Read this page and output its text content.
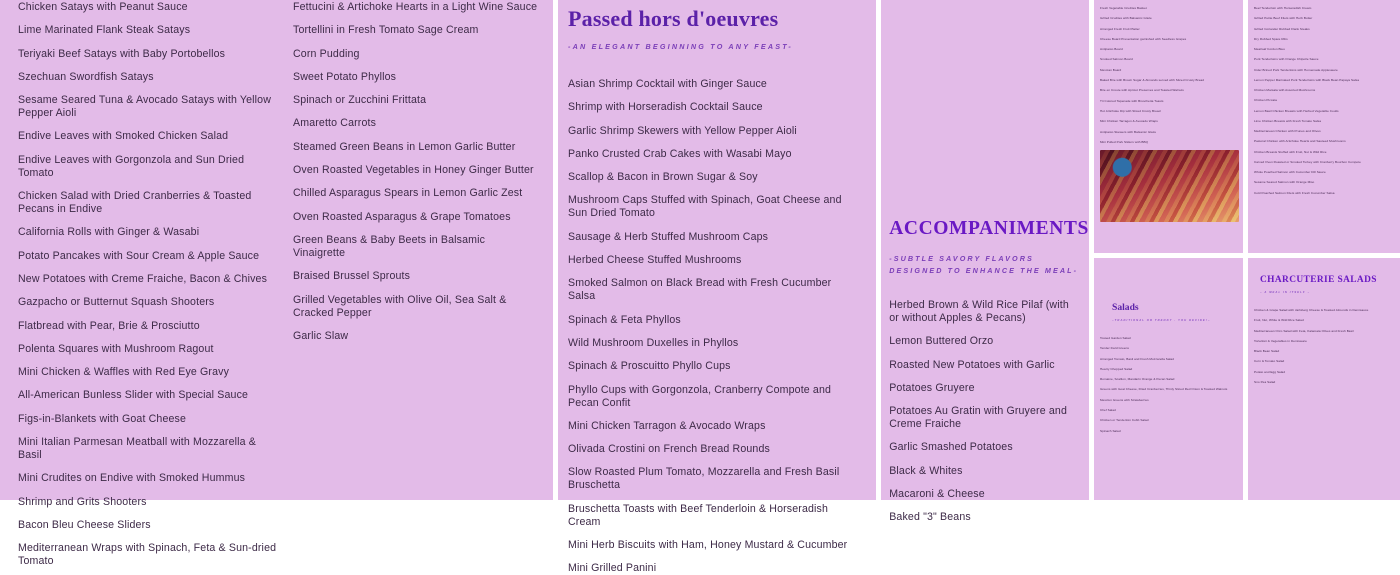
Chicken Satays with Peanut Sauce
Lime Marinated Flank Steak Satays
Teriyaki Beef Satays with Baby Portobellos
Szechuan Swordfish Satays
Sesame Seared Tuna & Avocado Satays with Yellow Pepper Aioli
Endive Leaves with Smoked Chicken Salad
Endive Leaves with Gorgonzola and Sun Dried Tomato
Chicken Salad with Dried Cranberries & Toasted Pecans in Endive
California Rolls with Ginger & Wasabi
Potato Pancakes with Sour Cream & Apple Sauce
New Potatoes with Creme Fraiche, Bacon & Chives
Gazpacho or Butternut Squash Shooters
Flatbread with Pear, Brie & Prosciutto
Polenta Squares with Mushroom Ragout
Mini Chicken & Waffles with Red Eye Gravy
All-American Bunless Slider with Special Sauce
Figs-in-Blankets with Goat Cheese
Mini Italian Parmesan Meatball with Mozzarella & Basil
Mini Crudites on Endive with Smoked Hummus
Shrimp and Grits Shooters
Bacon Bleu Cheese Sliders
Mediterranean Wraps with Spinach, Feta & Sun-dried Tomato
Fettucini & Artichoke Hearts in a Light Wine Sauce
Tortellini in Fresh Tomato Sage Cream
Corn Pudding
Sweet Potato Phyllos
Spinach or Zucchini Frittata
Amaretto Carrots
Steamed Green Beans in Lemon Garlic Butter
Oven Roasted Vegetables in Honey Ginger Butter
Chilled Asparagus Spears in Lemon Garlic Zest
Oven Roasted Asparagus & Grape Tomatoes
Green Beans & Baby Beets in Balsamic Vinaigrette
Braised Brussel Sprouts
Grilled Vegetables with Olive Oil, Sea Salt & Cracked Pepper
Garlic Slaw
Passed hors d'oeuvres
-AN ELEGANT BEGINNING TO ANY FEAST-
Asian Shrimp Cocktail with Ginger Sauce
Shrimp with Horseradish Cocktail Sauce
Garlic Shrimp Skewers with Yellow Pepper Aioli
Panko Crusted Crab Cakes with Wasabi Mayo
Scallop & Bacon in Brown Sugar & Soy
Mushroom Caps Stuffed with Spinach, Goat Cheese and Sun Dried Tomato
Sausage & Herb Stuffed Mushroom Caps
Herbed Cheese Stuffed Mushrooms
Smoked Salmon on Black Bread with Fresh Cucumber Salsa
Spinach & Feta Phyllos
Wild Mushroom Duxelles in Phyllos
Spinach & Proscuitto Phyllo Cups
Phyllo Cups with Gorgonzola, Cranberry Compote and Pecan Confit
Mini Chicken Tarragon & Avocado Wraps
Olivada Crostini on French Bread Rounds
Slow Roasted Plum Tomato, Mozzarella and Fresh Basil Bruschetta
Bruschetta Toasts with Beef Tenderloin & Horseradish Cream
Mini Herb Biscuits with Ham, Honey Mustard & Cucumber
Mini Grilled Panini
ACCOMPANIMENTS
-SUBTLE SAVORY FLAVORS DESIGNED TO ENHANCE THE MEAL-
Herbed Brown & Wild Rice Pilaf (with or without Apples & Pecans)
Lemon Buttered Orzo
Roasted New Potatoes with Garlic
Potatoes Gruyere
Potatoes Au Gratin with Gruyere and Creme Fraiche
Garlic Smashed Potatoes
Black & Whites
Macaroni & Cheese
Baked "3" Beans
Fresh Vegetable Crudites Basket
Grilled Crudites with Balsamic Glaze
Arranged Fresh Fruit Platter
Cheese Board Presentation garnished with Seedless Grapes
Antipasto Board
Smoked Salmon Board
Mexican Board
Baked Brie with Brown Sugar & Almonds served with Sliced Crusty Bread
Brie en Croute with Apricot Preserves and Toasted Walnuts
Tri Colored Tapenade with Bruschetta Toasts
Hot Artichoke Dip with Sliced Crusty Bread
Mini Chicken Tarragon & Avocado Wraps
Antipasto Skewers with Balsamic Glaze
Mini Pulled Pork Sliders with BBQ
Beef Tenderloin with Horseradish Cream
Grilled Petite Beef Filets with Herb Butter
Grilled Coriander Rubbed Flank Steaks
Dry Rubbed Spare Ribs
Meatloaf Cordon Bleu
Pork Tenderloins with Orange Chipotle Sauce
Cider Brined Pork Tenderloins with Homemade Applesauce
Lemon Pepper Marinated Pork Tenderloins with Black Bean Papaya Salsa
Chicken Marsala with Assorted Mushrooms
Chicken Piccata
Lemon Basil Chicken Breasts with Herbed Vegetable Coulis
Lime Chicken Breasts with Fresh Tomato Salsa
Mediterranean Chicken with Prunes and Olives
Pastoral Chicken with Artichoke Hearts and Sauteed Mushrooms
Chicken Breasts Stuffed with Fruit, Nut & Wild Rice
Carved Oven Roasted or Smoked Turkey with Cranberry Bourbon Compote
Whole Poached Salmon with Cucumber Dill Sauce
Sesame Seared Salmon with Orange Miso
Cold Poached Salmon Filets with Fresh Cucumber Salsa
Salads
~TRADITIONAL OR TRENDY - YOU DECIDE!~
Tossed Garden Salad
Tender Field Greens
Arranged Tomato, Basil and Fresh Mozzarella Salad
Hearty Chopped Salad
Romaine, Scallion, Mandarin Orange & Pecan Salad
Greens with Goat Cheese, Dried Cranberries, Thinly Sliced Red Onion & Toasted Walnuts
Mesclun Greens with Strawberries
Chef Salad
Chicken or Tenderloin Cobb Salad
Spinach Salad
CHARCUTERIE SALADS
~ A MEAL IN ITSELF ~
Chicken & Grape Salad with Jarlsberg Cheese & Toasted Almonds in Demisauce
Fruit, Nut, White & Wild Rice Salad
Mediterranean Orzo Salad with Feta, Kalamata Olives and Fresh Basil
Tortelloni & Vegetables in Demisauce
Black Bean Salad
Corn & Tomato Salad
Potato and Egg Salad
Sno Pea Salad
